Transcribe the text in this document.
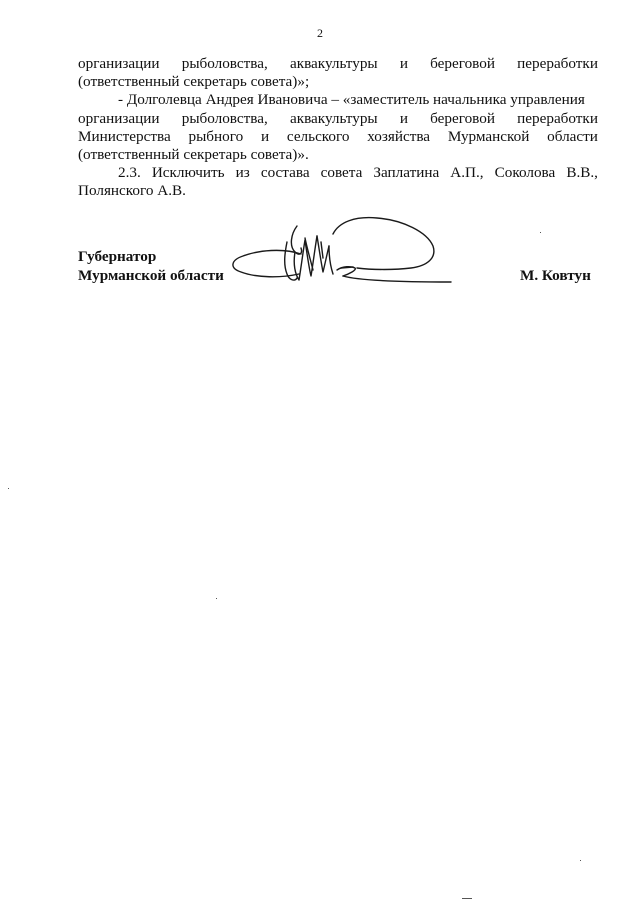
2
организации рыболовства, аквакультуры и береговой переработки
(ответственный секретарь совета)»;
- Долголевца Андрея Ивановича – «заместитель начальника управления
организации рыболовства, аквакультуры и береговой переработки
Министерства рыбного и сельского хозяйства Мурманской области
(ответственный секретарь совета)».
2.3. Исключить из состава совета Заплатина А.П., Соколова В.В.,
Полянского А.В.
Губернатор
Мурманской области	М. Ковтун
